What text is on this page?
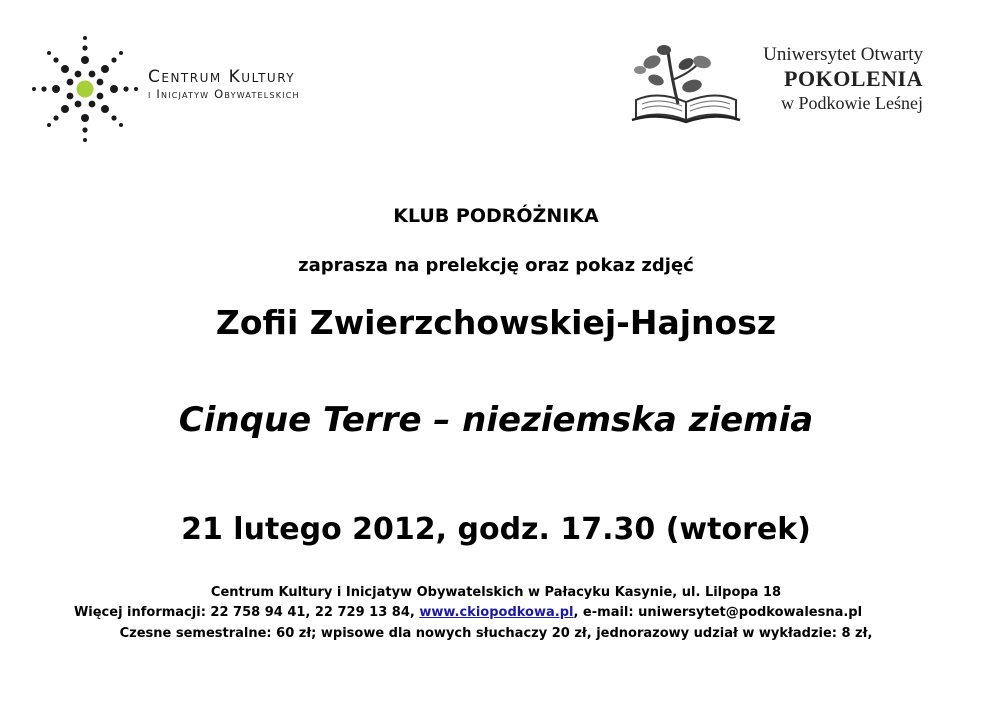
Centrum Kultury
i Inicjatyw Obywatelskich
Uniwersytet Otwarty
POKOLENIA
w Podkowie Leśnej
KLUB PODRÓŻNIKA
zaprasza na prelekcję oraz pokaz zdjęć
Zofii Zwierzchowskiej-Hajnosz
Cinque Terre – nieziemska ziemia
21 lutego 2012, godz. 17.30 (wtorek)
Centrum Kultury i Inicjatyw Obywatelskich w Pałacyku Kasynie, ul. Lilpopa 18
Więcej informacji: 22 758 94 41, 22 729 13 84, www.ckiopodkowa.pl, e-mail: uniwersytet@podkowalesna.pl
Czesne semestralne: 60 zł; wpisowe dla nowych słuchaczy 20 zł, jednorazowy udział w wykładzie: 8 zł,
